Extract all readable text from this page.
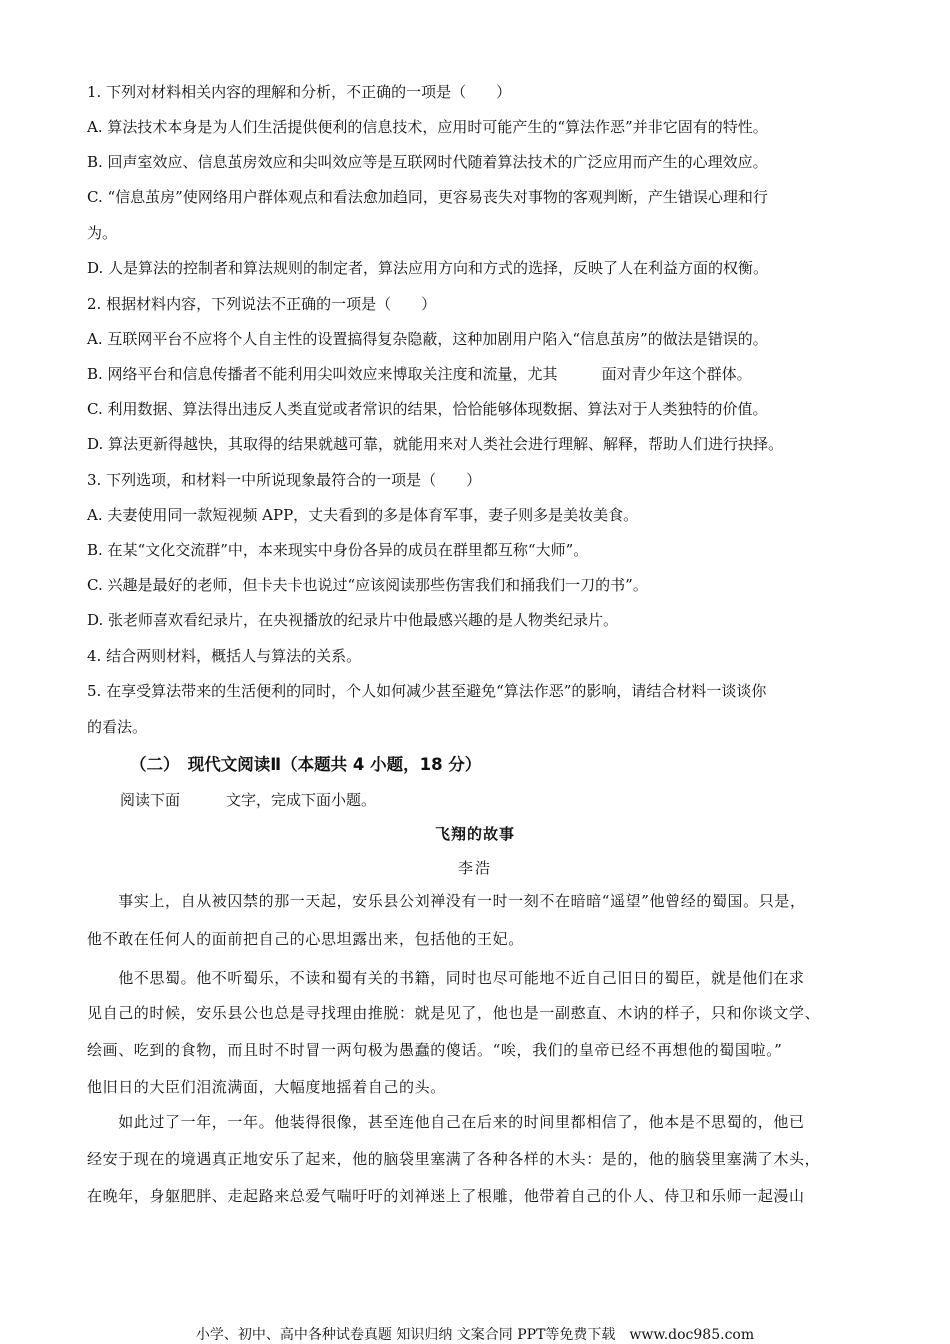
1. 下列对材料相关内容的理解和分析，不正确的一项是（　　）
A. 算法技术本身是为人们生活提供便利的信息技术，应用时可能产生的“算法作恶”并非它固有的特性。
B. 回声室效应、信息茧房效应和尖叫效应等是互联网时代随着算法技术的广泛应用而产生的心理效应。
C. “信息茧房”使网络用户群体观点和看法愈加趋同，更容易丧失对事物的客观判断，产生错误心理和行
为。
D. 人是算法的控制者和算法规则的制定者，算法应用方向和方式的选择，反映了人在利益方面的权衡。
2. 根据材料内容，下列说法不正确的一项是（　　）
A. 互联网平台不应将个人自主性的设置搞得复杂隐蔽，这种加剧用户陷入“信息茧房”的做法是错误的。
B. 网络平台和信息传播者不能利用尖叫效应来博取关注度和流量，尤其	面对青少年这个群体。
C. 利用数据、算法得出违反人类直觉或者常识的结果，恰恰能够体现数据、算法对于人类独特的价值。
D. 算法更新得越快，其取得的结果就越可靠，就能用来对人类社会进行理解、解释，帮助人们进行抉择。
3. 下列选项，和材料一中所说现象最符合的一项是（　　）
A. 夫妻使用同一款短视频 APP，丈夫看到的多是体育军事，妻子则多是美妆美食。
B. 在某“文化交流群”中，本来现实中身份各异的成员在群里都互称“大师”。
C. 兴趣是最好的老师，但卡夫卡也说过“应该阅读那些伤害我们和捅我们一刀的书”。
D. 张老师喜欢看纪录片，在央视播放的纪录片中他最感兴趣的是人物类纪录片。
4. 结合两则材料，概括人与算法的关系。
5. 在享受算法带来的生活便利的同时，个人如何减少甚至避免“算法作恶”的影响，请结合材料一谈谈你
的看法。
（二）　现代文阅读Ⅱ（本题共 4 小题，18 分）
阅读下面	文字，完成下面小题。
飞翔的故事
李浩
　　事实上，自从被囚禁的那一天起，安乐县公刘禅没有一时一刻不在暗暗“遥望”他曾经的蜀国。只是，
他不敢在任何人的面前把自己的心思坦露出来，包括他的王妃。
　　他不思蜀。他不听蜀乐，不读和蜀有关的书籍，同时也尽可能地不近自己旧日的蜀臣，就是他们在求
见自己的时候，安乐县公也总是寻找理由推脱：就是见了，他也是一副憨直、木讷的样子，只和你谈文学、
绘画、吃到的食物，而且时不时冒一两句极为愚蠢的傻话。“唉，我们的皇帝已经不再想他的蜀国啦。”
他旧日的大臣们泪流满面，大幅度地摇着自己的头。
　　如此过了一年，一年。他装得很像，甚至连他自己在后来的时间里都相信了，他本是不思蜀的，他已
经安于现在的境遇真正地安乐了起来，他的脑袋里塞满了各种各样的木头：是的，他的脑袋里塞满了木头，
在晚年，身躯肥胖、走起路来总爱气喘吁吁的刘禅迷上了根雕，他带着自己的仆人、侍卫和乐师一起漫山
小学、初中、高中各种试卷真题 知识归纳 文案合同 PPT等免费下载 www.doc985.com
